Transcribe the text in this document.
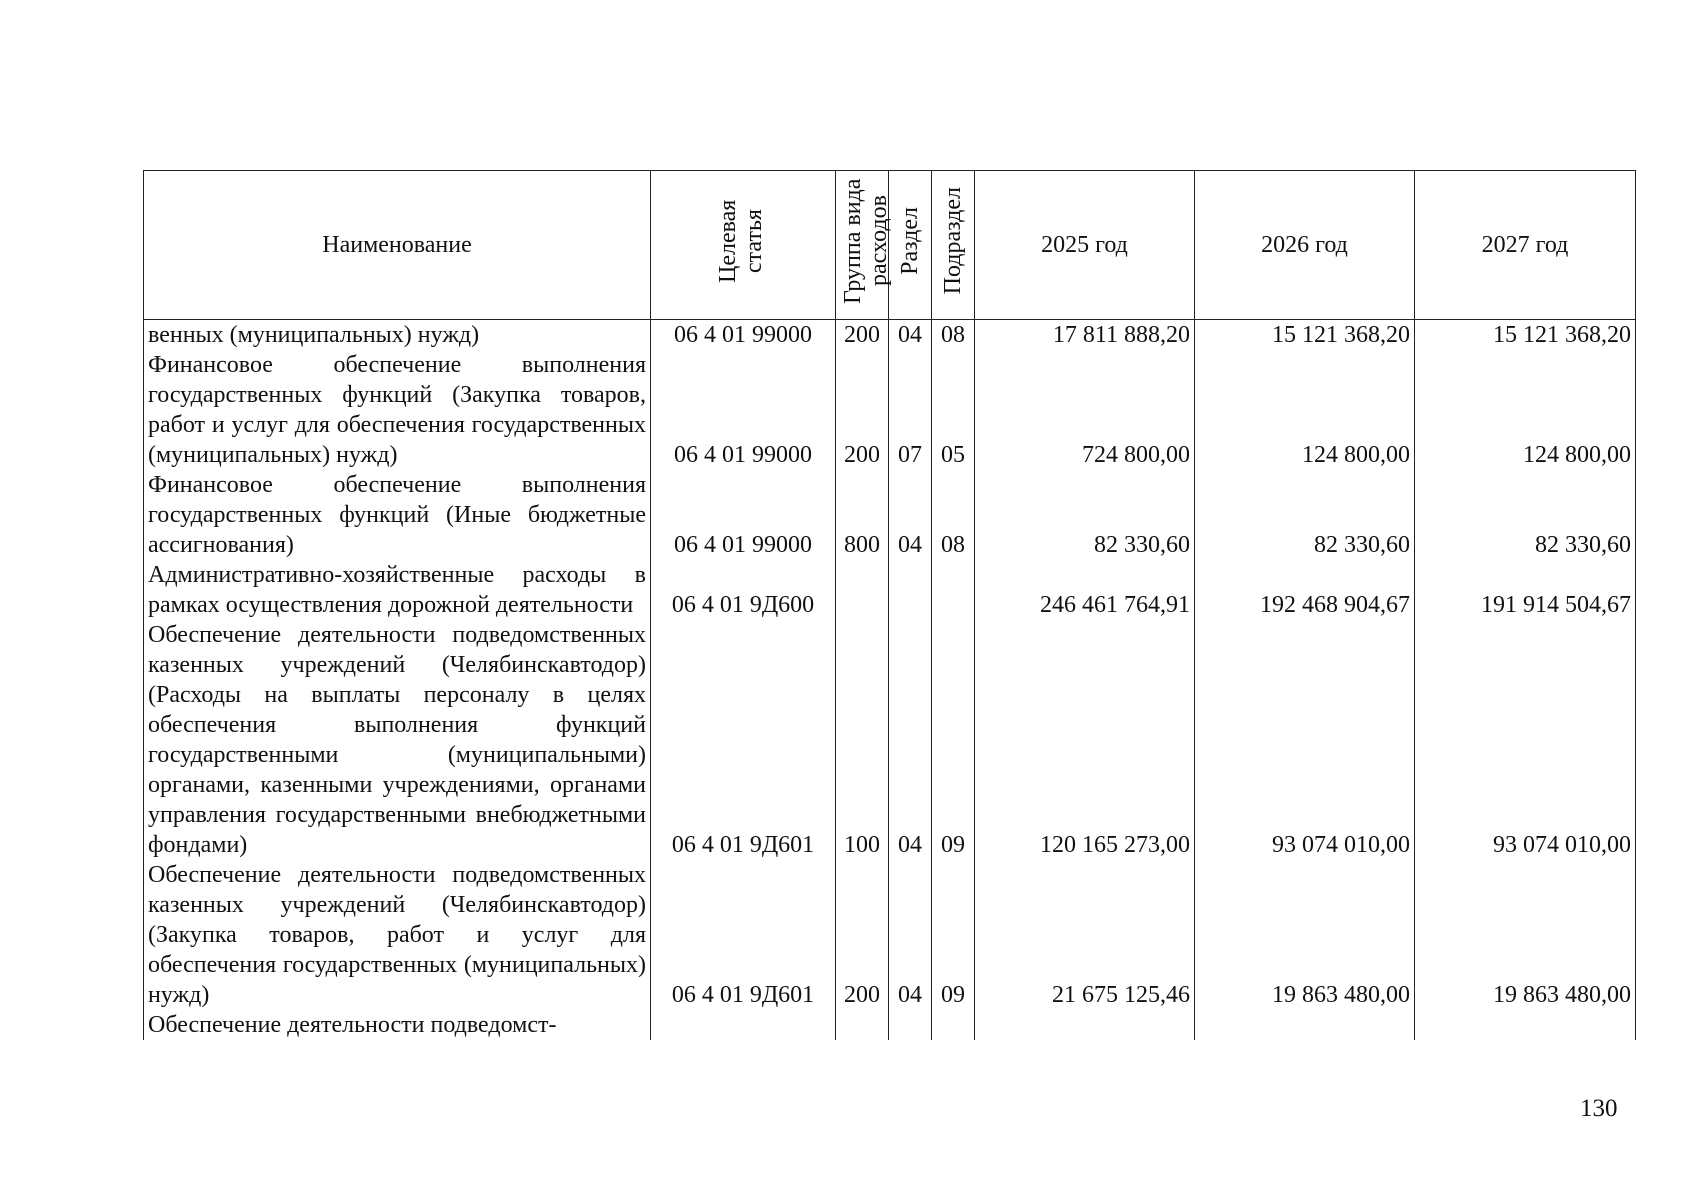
Наименование	Целевая статья	Группа вида расходов	Раздел	Подраздел	2025 год	2026 год	2027 год
венных (муниципальных) нужд)	06 4 01 99000	200	04	08	17 811 888,20	15 121 368,20	15 121 368,20
Финансовое обеспечение выполнения государственных функций (Закупка товаров, работ и услуг для обеспечения государственных (муниципальных) нужд)	06 4 01 99000	200	07	05	724 800,00	124 800,00	124 800,00
Финансовое обеспечение выполнения государственных функций (Иные бюджетные ассигнования)	06 4 01 99000	800	04	08	82 330,60	82 330,60	82 330,60
Административно-хозяйственные расходы в рамках осуществления дорожной деятельности	06 4 01 9Д600				246 461 764,91	192 468 904,67	191 914 504,67
Обеспечение деятельности подведомственных казенных учреждений (Челябинскавтодор) (Расходы на выплаты персоналу в целях обеспечения выполнения функций государственными (муниципальными) органами, казенными учреждениями, органами управления государственными внебюджетными фондами)	06 4 01 9Д601	100	04	09	120 165 273,00	93 074 010,00	93 074 010,00
Обеспечение деятельности подведомственных казенных учреждений (Челябинскавтодор) (Закупка товаров, работ и услуг для обеспечения государственных (муниципальных) нужд)	06 4 01 9Д601	200	04	09	21 675 125,46	19 863 480,00	19 863 480,00
Обеспечение деятельности подведомст-							
130
